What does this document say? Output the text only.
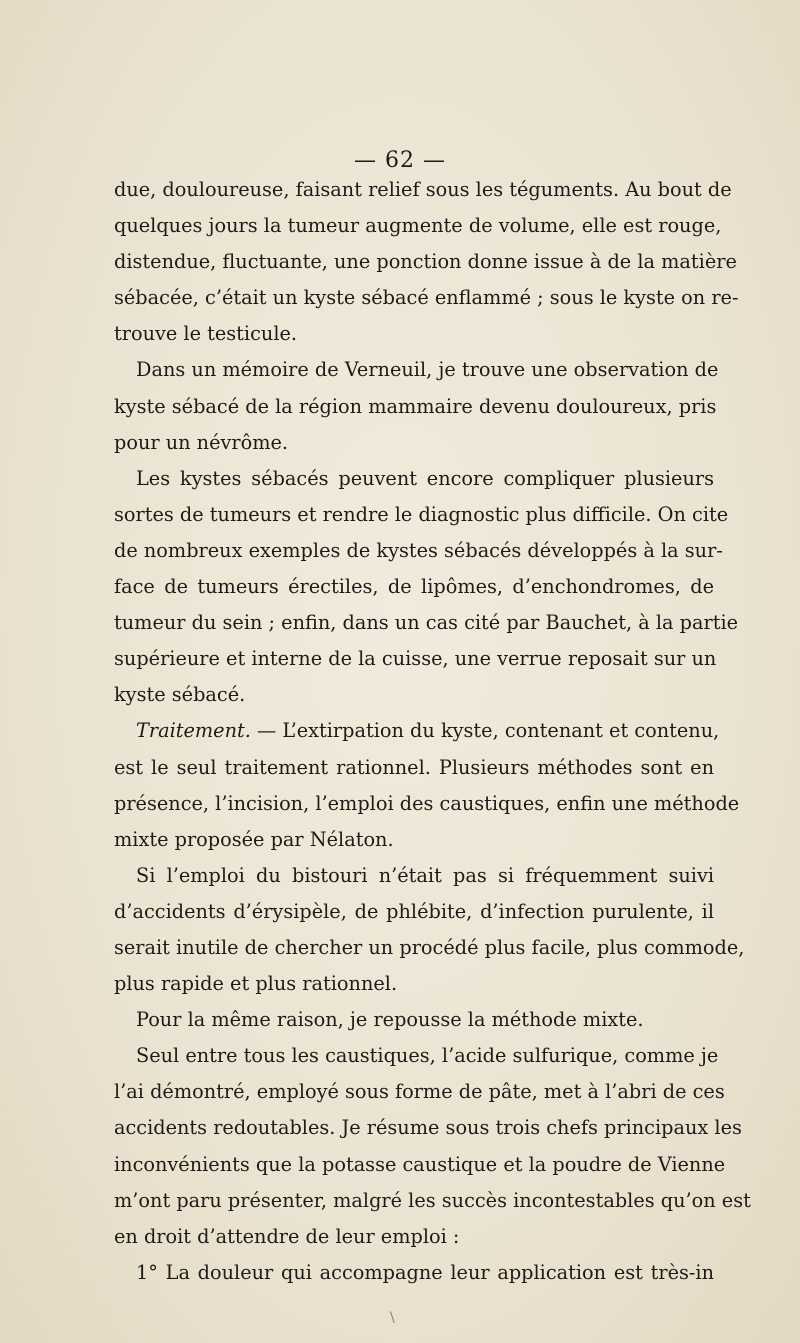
— 62 —
due, douloureuse, faisant relief sous les téguments. Au bout de
quelques jours la tumeur augmente de volume, elle est rouge,
distendue, fluctuante, une ponction donne issue à de la matière
sébacée, c’était un kyste sébacé enflammé ; sous le kyste on re-
trouve le testicule.
Dans un mémoire de Verneuil, je trouve une observation de
kyste sébacé de la région mammaire devenu douloureux, pris
pour un névrôme.
Les kystes sébacés peuvent encore compliquer plusieurs
sortes de tumeurs et rendre le diagnostic plus difficile. On cite
de nombreux exemples de kystes sébacés développés à la sur-
face de tumeurs érectiles, de lipômes, d’enchondromes, de
tumeur du sein ; enfin, dans un cas cité par Bauchet, à la partie
supérieure et interne de la cuisse, une verrue reposait sur un
kyste sébacé.
Traitement. — L’extirpation du kyste, contenant et contenu,
est le seul traitement rationnel. Plusieurs méthodes sont en
présence, l’incision, l’emploi des caustiques, enfin une méthode
mixte proposée par Nélaton.
Si l’emploi du bistouri n’était pas si fréquemment suivi
d’accidents d’érysipèle, de phlébite, d’infection purulente, il
serait inutile de chercher un procédé plus facile, plus commode,
plus rapide et plus rationnel.
Pour la même raison, je repousse la méthode mixte.
Seul entre tous les caustiques, l’acide sulfurique, comme je
l’ai démontré, employé sous forme de pâte, met à l’abri de ces
accidents redoutables. Je résume sous trois chefs principaux les
inconvénients que la potasse caustique et la poudre de Vienne
m’ont paru présenter, malgré les succès incontestables qu’on est
en droit d’attendre de leur emploi :
1° La douleur qui accompagne leur application est très-in
\
